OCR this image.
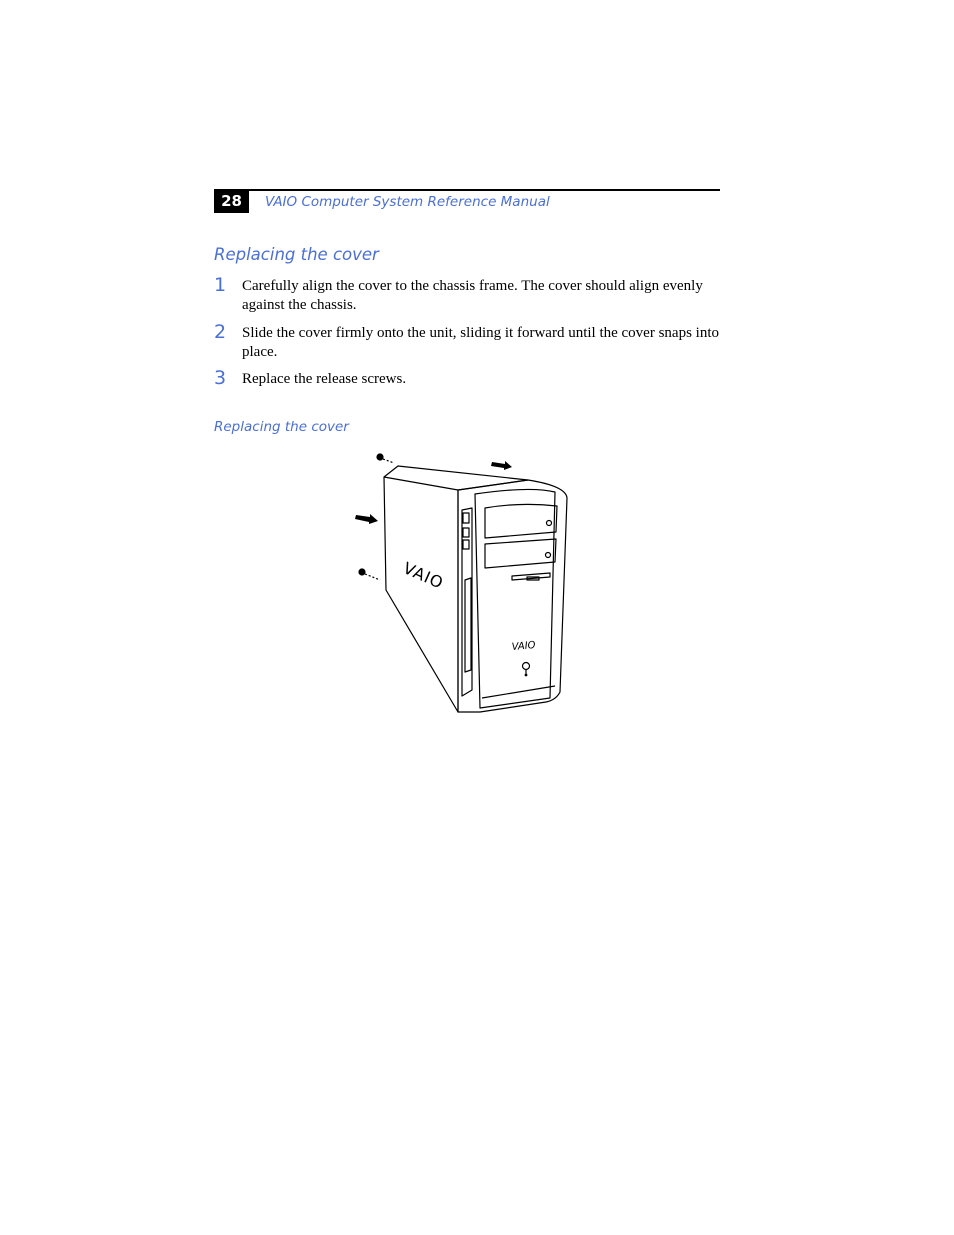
28	VAIO Computer System Reference Manual
Replacing the cover
1 Carefully align the cover to the chassis frame. The cover should align evenly against the chassis.
2 Slide the cover firmly onto the unit, sliding it forward until the cover snaps into place.
3 Replace the release screws.
Replacing the cover
VAIO
VAIO
